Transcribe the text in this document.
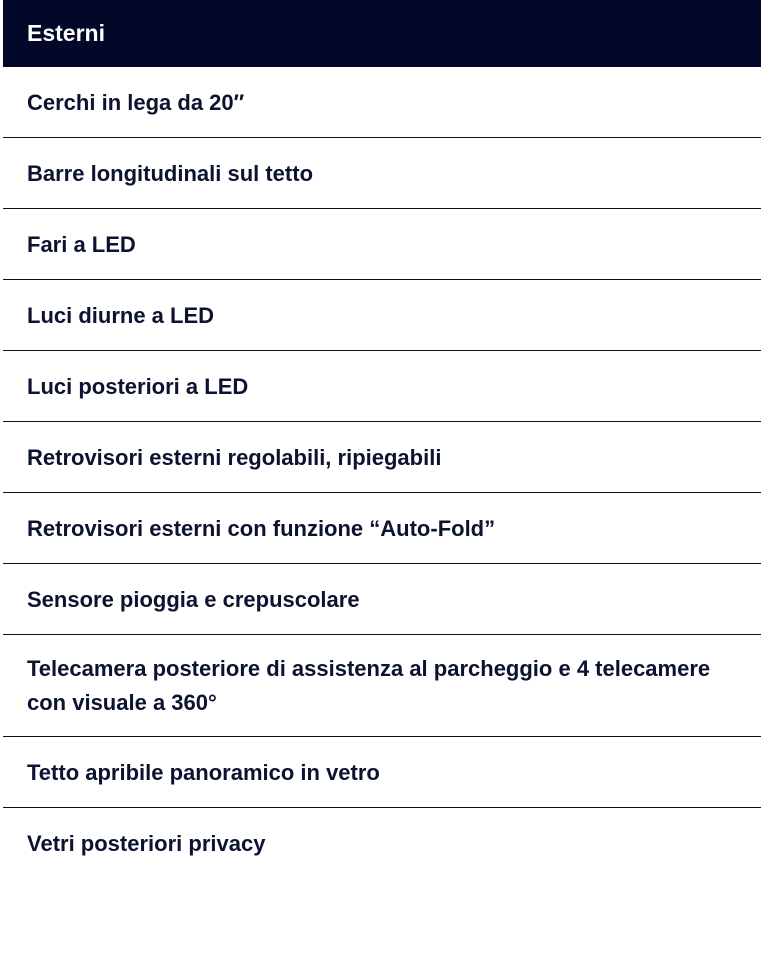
Esterni
Cerchi in lega da 20″
Barre longitudinali sul tetto
Fari a LED
Luci diurne a LED
Luci posteriori a LED
Retrovisori esterni regolabili, ripiegabili
Retrovisori esterni con funzione “Auto-Fold”
Sensore pioggia e crepuscolare
Telecamera posteriore di assistenza al parcheggio e 4 telecamere con visuale a 360°
Tetto apribile panoramico in vetro
Vetri posteriori privacy
